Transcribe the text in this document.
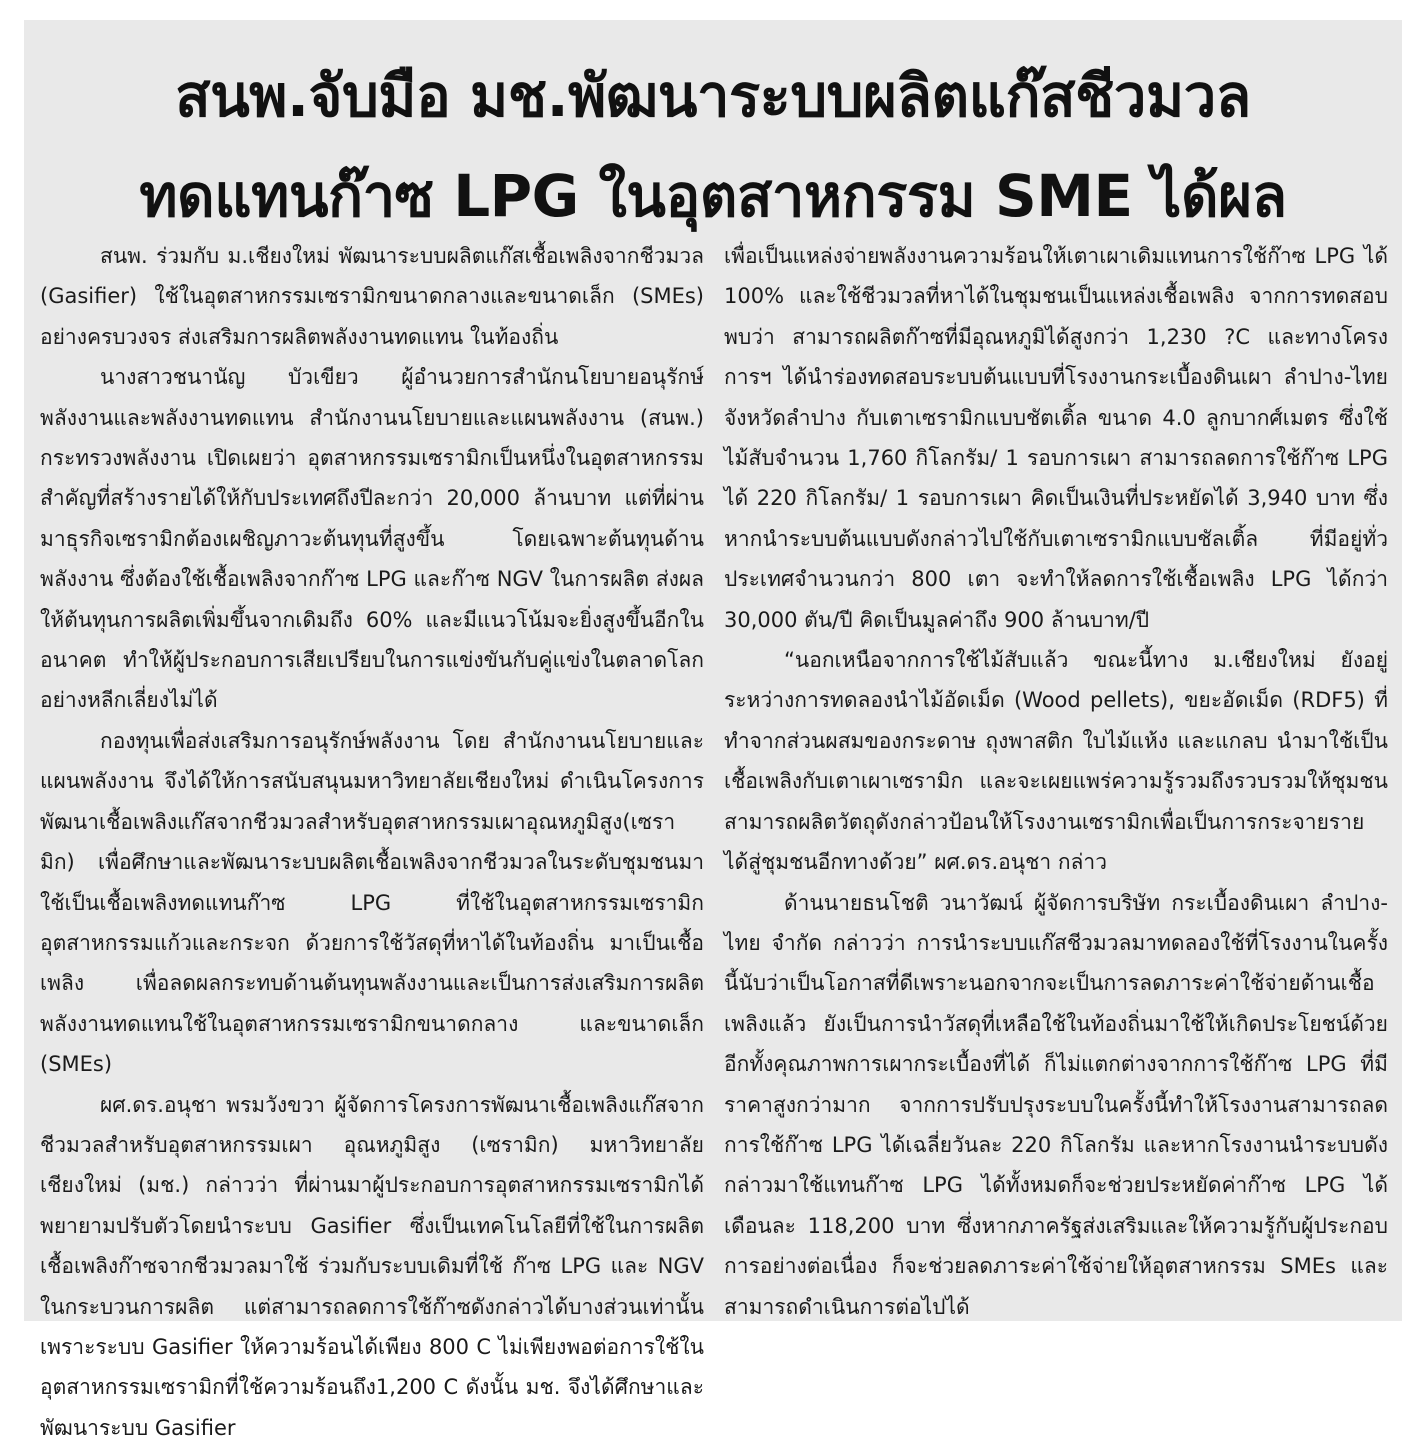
สนพ.จับมือ มช.พัฒนาระบบผลิตแก๊สชีวมวล
ทดแทนก๊าซ LPG ในอุตสาหกรรม SME ได้ผล

สนพ. ร่วมกับ ม.เชียงใหม่ พัฒนาระบบผลิตแก๊สเชื้อเพลิงจากชีวมวล (Gasifier) ใช้ในอุตสาหกรรมเซรามิกขนาดกลางและขนาดเล็ก (SMEs) อย่างครบวงจร ส่งเสริมการผลิตพลังงานทดแทน ในท้องถิ่น

นางสาวชนานัญ บัวเขียว ผู้อำนวยการสำนักนโยบายอนุรักษ์พลังงานและพลังงานทดแทน สำนักงานนโยบายและแผนพลังงาน (สนพ.) กระทรวงพลังงาน เปิดเผยว่า อุตสาหกรรมเซรามิกเป็นหนึ่งในอุตสาหกรรมสำคัญที่สร้างรายได้ให้กับประเทศถึงปีละกว่า 20,000 ล้านบาท แต่ที่ผ่านมาธุรกิจเซรามิกต้องเผชิญภาวะต้นทุนที่สูงขึ้น โดยเฉพาะต้นทุนด้านพลังงาน ซึ่งต้องใช้เชื้อเพลิงจากก๊าซ LPG และก๊าซ NGV ในการผลิต ส่งผลให้ต้นทุนการผลิตเพิ่มขึ้นจากเดิมถึง 60% และมีแนวโน้มจะยิ่งสูงขึ้นอีกในอนาคต ทำให้ผู้ประกอบการเสียเปรียบในการแข่งขันกับคู่แข่งในตลาดโลกอย่างหลีกเลี่ยงไม่ได้

กองทุนเพื่อส่งเสริมการอนุรักษ์พลังงาน โดย สำนักงานนโยบายและแผนพลังงาน จึงได้ให้การสนับสนุนมหาวิทยาลัยเชียงใหม่ ดำเนินโครงการพัฒนาเชื้อเพลิงแก๊สจากชีวมวลสำหรับอุตสาหกรรมเผาอุณหภูมิสูง(เซรามิก) เพื่อศึกษาและพัฒนาระบบผลิตเชื้อเพลิงจากชีวมวลในระดับชุมชนมาใช้เป็นเชื้อเพลิงทดแทนก๊าซ LPG ที่ใช้ในอุตสาหกรรมเซรามิก อุตสาหกรรมแก้วและกระจก ด้วยการใช้วัสดุที่หาได้ในท้องถิ่น มาเป็นเชื้อเพลิง เพื่อลดผลกระทบด้านต้นทุนพลังงานและเป็นการส่งเสริมการผลิตพลังงานทดแทนใช้ในอุตสาหกรรมเซรามิกขนาดกลาง และขนาดเล็ก (SMEs)

ผศ.ดร.อนุชา พรมวังขวา ผู้จัดการโครงการพัฒนาเชื้อเพลิงแก๊สจากชีวมวลสำหรับอุตสาหกรรมเผา อุณหภูมิสูง (เซรามิก) มหาวิทยาลัยเชียงใหม่ (มช.) กล่าวว่า ที่ผ่านมาผู้ประกอบการอุตสาหกรรมเซรามิกได้พยายามปรับตัวโดยนำระบบ Gasifier ซึ่งเป็นเทคโนโลยีที่ใช้ในการผลิตเชื้อเพลิงก๊าซจากชีวมวลมาใช้ ร่วมกับระบบเดิมที่ใช้ ก๊าซ LPG และ NGV ในกระบวนการผลิต แต่สามารถลดการใช้ก๊าซดังกล่าวได้บางส่วนเท่านั้น เพราะระบบ Gasifier ให้ความร้อนได้เพียง 800 C ไม่เพียงพอต่อการใช้ในอุตสาหกรรมเซรามิกที่ใช้ความร้อนถึง1,200 C ดังนั้น มช. จึงได้ศึกษาและพัฒนาระบบ Gasifier

เพื่อเป็นแหล่งจ่ายพลังงานความร้อนให้เตาเผาเดิมแทนการใช้ก๊าซ LPG ได้ 100% และใช้ชีวมวลที่หาได้ในชุมชนเป็นแหล่งเชื้อเพลิง จากการทดสอบพบว่า สามารถผลิตก๊าซที่มีอุณหภูมิได้สูงกว่า 1,230 ?C และทางโครงการฯ ได้นำร่องทดสอบระบบต้นแบบที่โรงงานกระเบื้องดินเผา ลำปาง-ไทย จังหวัดลำปาง กับเตาเซรามิกแบบชัตเติ้ล ขนาด 4.0 ลูกบากศ์เมตร ซึ่งใช้ไม้สับจำนวน 1,760 กิโลกรัม/ 1 รอบการเผา สามารถลดการใช้ก๊าซ LPG ได้ 220 กิโลกรัม/ 1 รอบการเผา คิดเป็นเงินที่ประหยัดได้ 3,940 บาท ซึ่งหากนำระบบต้นแบบดังกล่าวไปใช้กับเตาเซรามิกแบบชัลเติ้ล ที่มีอยู่ทั่วประเทศจำนวนกว่า 800 เตา จะทำให้ลดการใช้เชื้อเพลิง LPG ได้กว่า 30,000 ตัน/ปี คิดเป็นมูลค่าถึง 900 ล้านบาท/ปี

“นอกเหนือจากการใช้ไม้สับแล้ว ขณะนี้ทาง ม.เชียงใหม่ ยังอยู่ระหว่างการทดลองนำไม้อัดเม็ด (Wood pellets), ขยะอัดเม็ด (RDF5) ที่ทำจากส่วนผสมของกระดาษ ถุงพาสติก ใบไม้แห้ง และแกลบ นำมาใช้เป็นเชื้อเพลิงกับเตาเผาเซรามิก และจะเผยแพร่ความรู้รวมถึงรวบรวมให้ชุมชนสามารถผลิตวัตถุดังกล่าวป้อนให้โรงงานเซรามิกเพื่อเป็นการกระจายรายได้สู่ชุมชนอีกทางด้วย” ผศ.ดร.อนุชา กล่าว

ด้านนายธนโชติ วนาวัฒน์ ผู้จัดการบริษัท กระเบื้องดินเผา ลำปาง-ไทย จำกัด กล่าวว่า การนำระบบแก๊สชีวมวลมาทดลองใช้ที่โรงงานในครั้งนี้นับว่าเป็นโอกาสที่ดีเพราะนอกจากจะเป็นการลดภาระค่าใช้จ่ายด้านเชื้อเพลิงแล้ว ยังเป็นการนำวัสดุที่เหลือใช้ในท้องถิ่นมาใช้ให้เกิดประโยชน์ด้วย อีกทั้งคุณภาพการเผากระเบื้องที่ได้ ก็ไม่แตกต่างจากการใช้ก๊าซ LPG ที่มีราคาสูงกว่ามาก จากการปรับปรุงระบบในครั้งนี้ทำให้โรงงานสามารถลดการใช้ก๊าซ LPG ได้เฉลี่ยวันละ 220 กิโลกรัม และหากโรงงานนำระบบดังกล่าวมาใช้แทนก๊าซ LPG ได้ทั้งหมดก็จะช่วยประหยัดค่าก๊าซ LPG ได้เดือนละ 118,200 บาท ซึ่งหากภาครัฐส่งเสริมและให้ความรู้กับผู้ประกอบการอย่างต่อเนื่อง ก็จะช่วยลดภาระค่าใช้จ่ายให้อุตสาหกรรม SMEs และสามารถดำเนินการต่อไปได้
